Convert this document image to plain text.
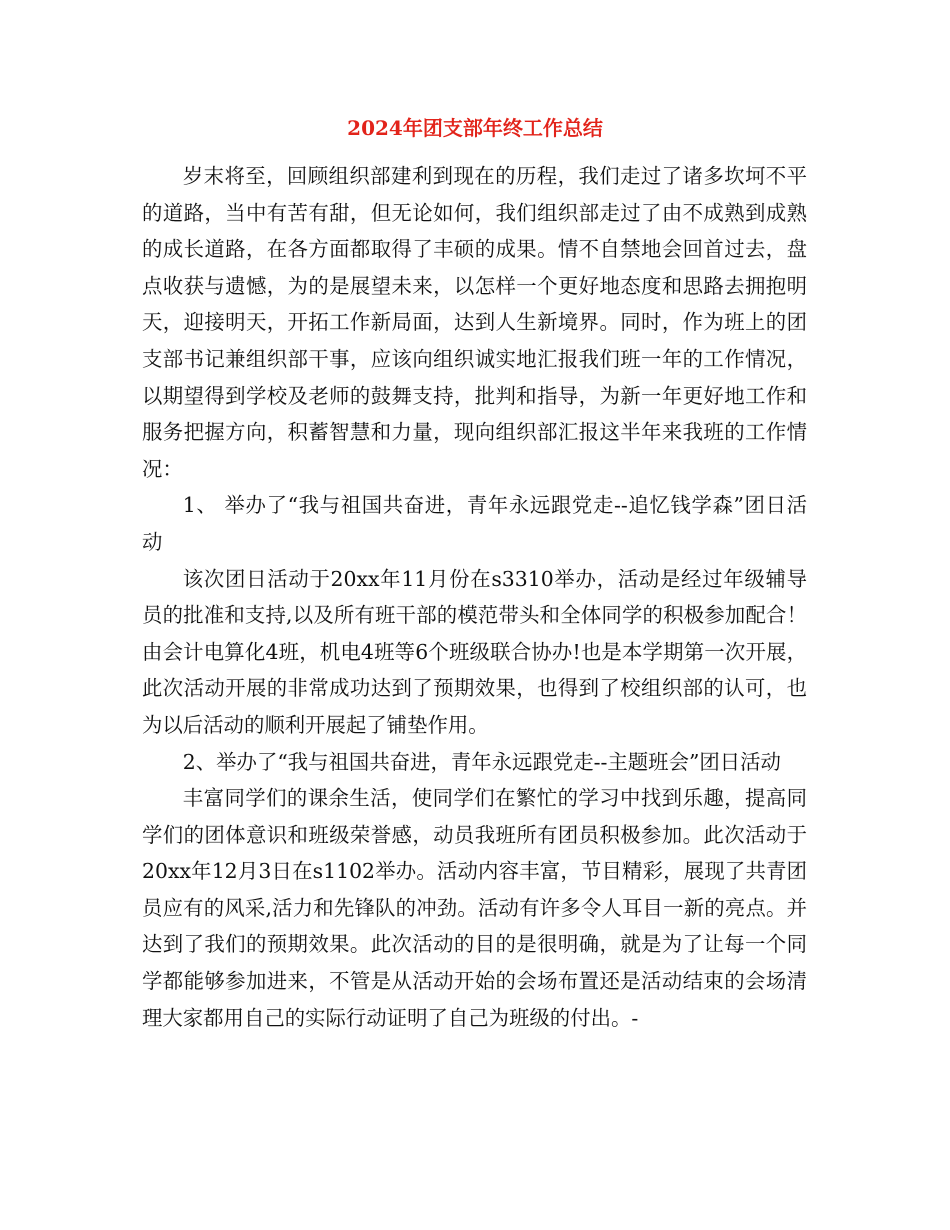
2024年团支部年终工作总结

岁末将至，回顾组织部建利到现在的历程，我们走过了诸多坎坷不平的道路，当中有苦有甜，但无论如何，我们组织部走过了由不成熟到成熟的成长道路，在各方面都取得了丰硕的成果。情不自禁地会回首过去，盘点收获与遗憾，为的是展望未来，以怎样一个更好地态度和思路去拥抱明天，迎接明天，开拓工作新局面，达到人生新境界。同时，作为班上的团支部书记兼组织部干事，应该向组织诚实地汇报我们班一年的工作情况，以期望得到学校及老师的鼓舞支持，批判和指导，为新一年更好地工作和服务把握方向，积蓄智慧和力量，现向组织部汇报这半年来我班的工作情况：

1、 举办了“我与祖国共奋进，青年永远跟党走--追忆钱学森”团日活动

该次团日活动于20xx年11月份在s3310举办，活动是经过年级辅导员的批准和支持,以及所有班干部的模范带头和全体同学的积极参加配合！由会计电算化4班，机电4班等6个班级联合协办!也是本学期第一次开展，此次活动开展的非常成功达到了预期效果，也得到了校组织部的认可，也为以后活动的顺利开展起了铺垫作用。

2、举办了“我与祖国共奋进，青年永远跟党走--主题班会”团日活动

丰富同学们的课余生活，使同学们在繁忙的学习中找到乐趣，提高同学们的团体意识和班级荣誉感，动员我班所有团员积极参加。此次活动于20xx年12月3日在s1102举办。活动内容丰富，节目精彩，展现了共青团员应有的风采,活力和先锋队的冲劲。活动有许多令人耳目一新的亮点。并达到了我们的预期效果。此次活动的目的是很明确，就是为了让每一个同学都能够参加进来，不管是从活动开始的会场布置还是活动结束的会场清理大家都用自己的实际行动证明了自己为班级的付出。-
